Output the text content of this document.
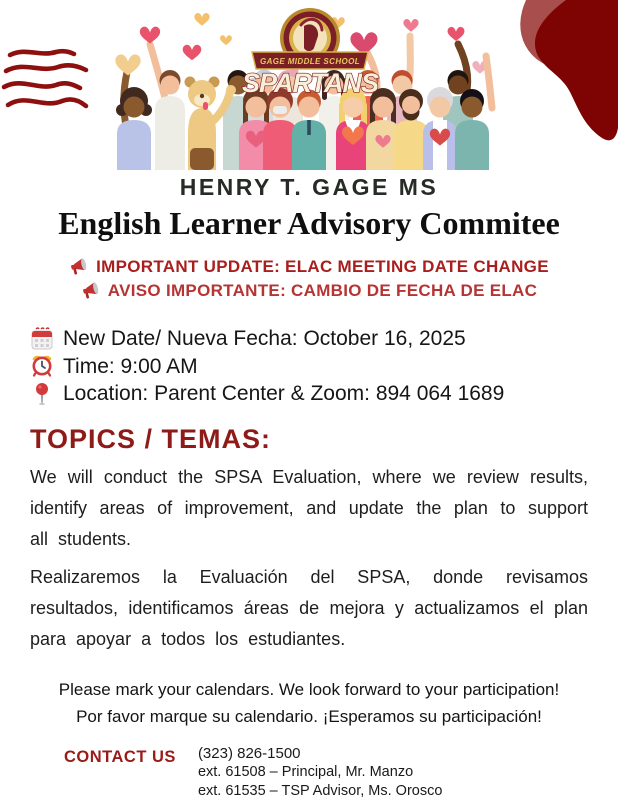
GAGE MIDDLE SCHOOL
SPARTANS
HENRY T. GAGE MS
English Learner Advisory Commitee
IMPORTANT UPDATE: ELAC MEETING DATE CHANGE
AVISO IMPORTANTE: CAMBIO DE FECHA DE ELAC
New Date/ Nueva Fecha: October 16, 2025
Time: 9:00 AM
Location: Parent Center & Zoom: 894 064 1689
TOPICS / TEMAS:

We will conduct the SPSA Evaluation, where we review results, identify areas of improvement, and update the plan to support all students.

Realizaremos la Evaluación del SPSA, donde revisamos resultados, identificamos áreas de mejora y actualizamos el plan para apoyar a todos los estudiantes.

Please mark your calendars. We look forward to your participation!
Por favor marque su calendario. ¡Esperamos su participación!
CONTACT US (323) 826-1500
ext. 61508 – Principal, Mr. Manzo
ext. 61535 – TSP Advisor, Ms. Orosco
